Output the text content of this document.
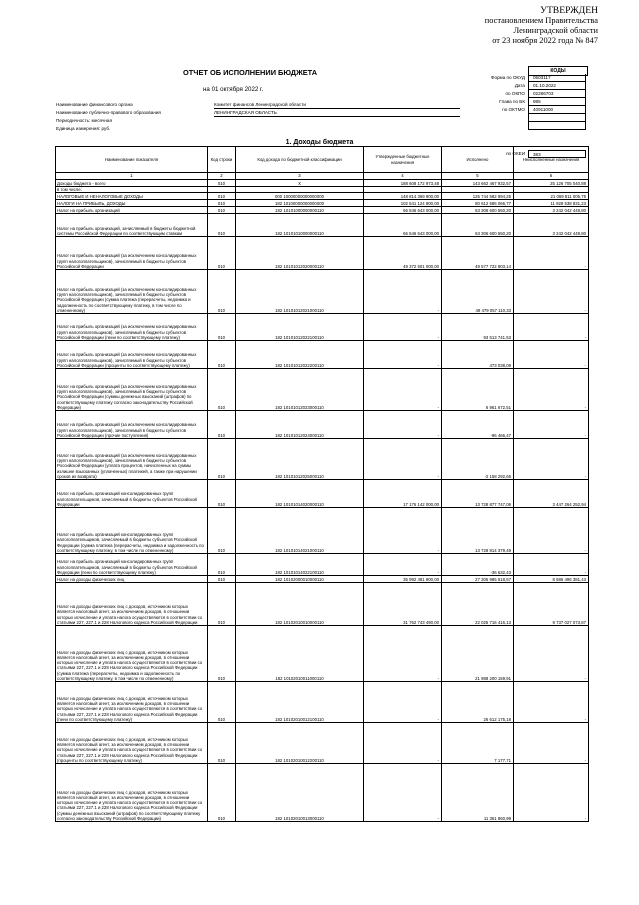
УТВЕРЖДЕН
постановлением Правительства
Ленинградской области
от 23 ноября 2022 года № 847
ОТЧЕТ ОБ ИСПОЛНЕНИИ БЮДЖЕТА
на 01 октября 2022 г.
КОДЫ
Форма по ОКУД	0503117
Дата	01.10.2022
по ОКПО	02286703
Глава по БК	985
по ОКТМО	40911000
по ОКЕИ	383
Наименование финансового органа	Комитет финансов Ленинградской области
Наименование публично-правового образования	ЛЕНИНГРАДСКАЯ ОБЛАСТЬ
Периодичность: месячная
Единица измерения: руб.
1. Доходы бюджета
Наименование показателя	Код строки	Код дохода по бюджетной классификации	Утвержденные бюджетные назначения	Исполнено	Неисполненные назначения
1	2	3	4	5	6
Доходы бюджета - всего	010	X	188 608 172 973,48	143 662 467 932,57	25 126 705 040,88
в том числе:					
НАЛОГОВЫЕ И НЕНАЛОГОВЫЕ ДОХОДЫ	010	000 10000000000000000	148 814 369 900,00	125 744 582 894,25	21 069 811 005,75
НАЛОГИ НА ПРИБЫЛЬ, ДОХОДЫ	010	182 10100000000000000	102 541 124 900,00	80 612 586 066,77	11 928 538 831,23
Налог на прибыль организаций	010	182 10101000000000110	66 546 643 000,00	63 306 600 550,20	3 242 042 449,80
Налог на прибыль организаций, зачисляемый в бюджеты бюджетной системы Российской Федерации по соответствующим ставкам	010	182 10101010000000110	66 546 643 000,00	63 306 600 550,20	3 242 042 449,80
Налог на прибыль организаций (за исключением консолидированных групп налогоплательщиков), зачисляемый в бюджеты субъектов Российской Федерации	010	182 10101012020000110	49 372 501 000,00	49 577 722 803,14	-
Налог на прибыль организаций (за исключением консолидированных групп налогоплательщиков), зачисляемый в бюджеты субъектов Российской Федерации (сумма платежа (перерасчеты, недоимка и задолженность по соответствующему платежу, в том числе по отмененному)	010	182 10101012021000110	-	49 479 057 110,33	-
Налог на прибыль организаций (за исключением консолидированных групп налогоплательщиков), зачисляемый в бюджеты субъектов Российской Федерации (пени по соответствующему платежу)	010	182 10101012022100110	-	93 513 741,53	-
Налог на прибыль организаций (за исключением консолидированных групп налогоплательщиков), зачисляемый в бюджеты субъектов Российской Федерации (проценты по соответствующему платежу)	010	182 10101012022200110	-	473 038,09	-
Налог на прибыль организаций (за исключением консолидированных групп налогоплательщиков), зачисляемый в бюджеты субъектов Российской Федерации (суммы денежных взысканий (штрафов) по соответствующему платежу согласно законодательству Российской Федерации)	010	182 10101012023000110	-	6 961 672,51	-
Налог на прибыль организаций (за исключением консолидированных групп налогоплательщиков), зачисляемый в бюджеты субъектов Российской Федерации (прочие поступления)	010	182 10101012024000110	-	-96 466,47	-
Налог на прибыль организаций (за исключением консолидированных групп налогоплательщиков), зачисляемый в бюджеты субъектов Российской Федерации (уплата процентов, начисленных на суммы излишне взысканных (уплаченных) платежей, а также при нарушении сроков их возврата)	010	182 10101012025000110	-	-2 158 292,65	-
Налог на прибыль организаций консолидированных групп налогоплательщиков, зачисляемый в бюджеты субъектов Российской Федерации	010	182 10101014020000110	17 176 142 000,00	13 728 877 747,06	3 447 264 252,94
Налог на прибыль организаций консолидированных групп налогоплательщиков, зачисляемый в бюджеты субъектов Российской Федерации (сумма платежа (перерасчеты, недоимка и задолженность по соответствующему платежу, в том числе по отмененному)	010	182 10101014021000110	-	13 728 814 379,49	-
Налог на прибыль организаций консолидированных групп налогоплательщиков, зачисляемый в бюджеты субъектов Российской Федерации (пени по соответствующему платежу)	010	182 10101014022100110	-	-36 632,43	-
Налог на доходы физических лиц	010	182 10102000010000110	35 992 481 900,00	27 305 985 518,57	8 686 496 381,43
Налог на доходы физических лиц с доходов, источником которых является налоговый агент, за исключением доходов, в отношении которых исчисление и уплата налога осуществляются в соответствии со статьями 227, 227.1 и 228 Налогового кодекса Российской Федерации	010	182 10102010010000110	31 762 743 490,00	22 025 716 416,13	9 737 027 073,87
Налог на доходы физических лиц с доходов, источником которых является налоговый агент, за исключением доходов, в отношении которых исчисление и уплата налога осуществляются в соответствии со статьями 227, 227.1 и 228 Налогового кодекса Российской Федерации (сумма платежа (перерасчеты, недоимка и задолженность по соответствующему платежу, в том числе по отмененному)	010	182 10102010011000110	-	21 988 200 159,91	-
Налог на доходы физических лиц с доходов, источником которых является налоговый агент, за исключением доходов, в отношении которых исчисление и уплата налога осуществляются в соответствии со статьями 227, 227.1 и 228 Налогового кодекса Российской Федерации (пени по соответствующему платежу)	010	182 10102010012100110	-	26 612 175,18	-
Налог на доходы физических лиц с доходов, источником которых является налоговый агент, за исключением доходов, в отношении которых исчисление и уплата налога осуществляются в соответствии со статьями 227, 227.1 и 228 Налогового кодекса Российской Федерации (проценты по соответствующему платежу)	010	182 10102010012200110	-	7 177,71	-
Налог на доходы физических лиц с доходов, источником которых является налоговый агент, за исключением доходов, в отношении которых исчисление и уплата налога осуществляются в соответствии со статьями 227, 227.1 и 228 Налогового кодекса Российской Федерации (суммы денежных взысканий (штрафов) по соответствующему платежу согласно законодательству Российской Федерации)	010	182 10102010013000110	-	11 361 860,99	-
